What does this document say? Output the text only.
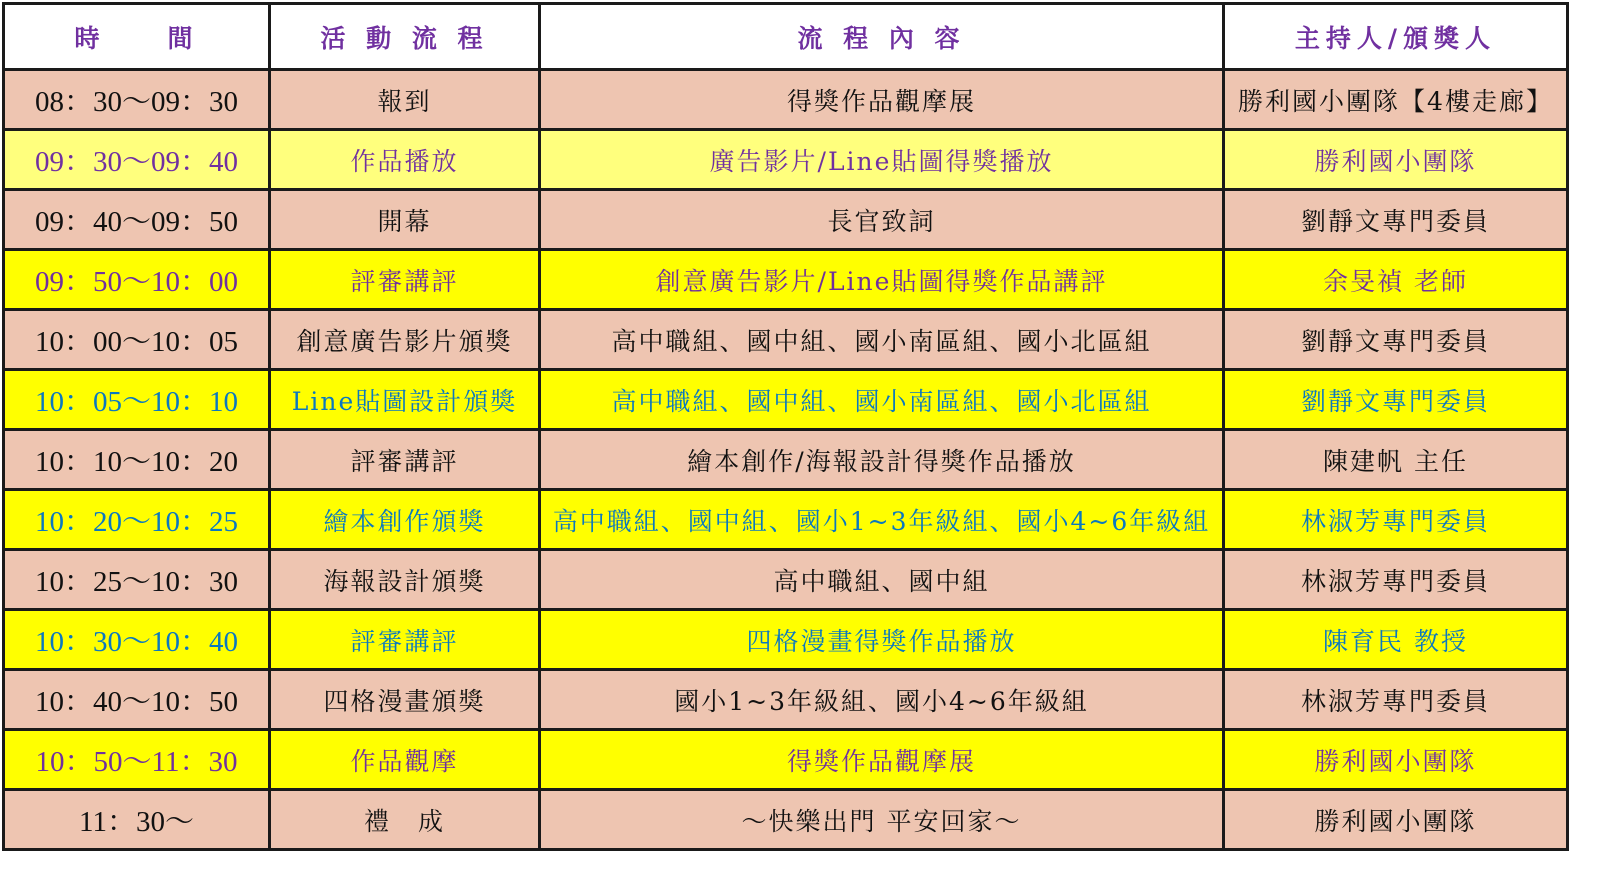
時　　間	活 動 流 程	流 程 內 容	主持人/頒獎人
08：30～09：30	報到	得獎作品觀摩展	勝利國小團隊【4樓走廊】
09：30～09：40	作品播放	廣告影片/Line貼圖得獎播放	勝利國小團隊
09：40～09：50	開幕	長官致詞	劉靜文專門委員
09：50～10：00	評審講評	創意廣告影片/Line貼圖得獎作品講評	余旻禎 老師
10：00～10：05	創意廣告影片頒獎	高中職組、國中組、國小南區組、國小北區組	劉靜文專門委員
10：05～10：10	Line貼圖設計頒獎	高中職組、國中組、國小南區組、國小北區組	劉靜文專門委員
10：10～10：20	評審講評	繪本創作/海報設計得獎作品播放	陳建帆 主任
10：20～10：25	繪本創作頒獎	高中職組、國中組、國小1~3年級組、國小4~6年級組	林淑芳專門委員
10：25～10：30	海報設計頒獎	高中職組、國中組	林淑芳專門委員
10：30～10：40	評審講評	四格漫畫得獎作品播放	陳育民 教授
10：40～10：50	四格漫畫頒獎	國小1~3年級組、國小4~6年級組	林淑芳專門委員
10：50～11：30	作品觀摩	得獎作品觀摩展	勝利國小團隊
11：30～	禮　成	～快樂出門 平安回家～	勝利國小團隊
